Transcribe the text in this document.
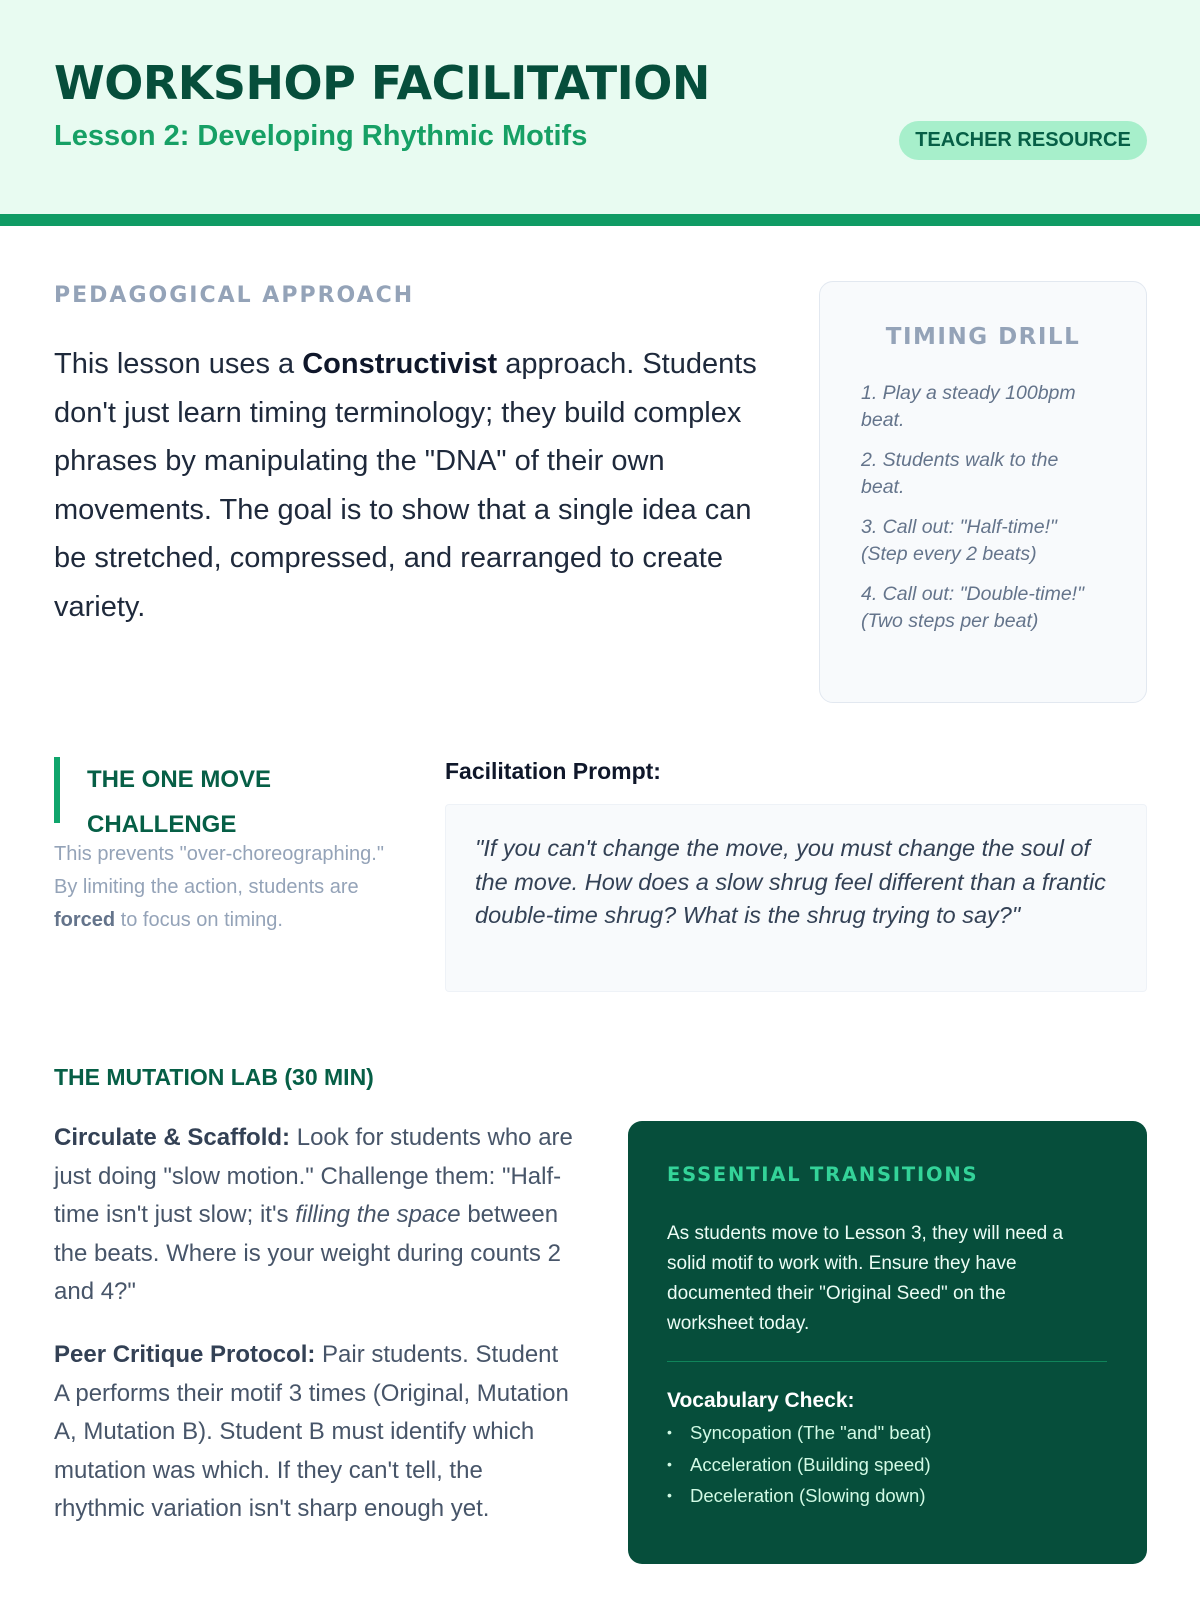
WORKSHOP FACILITATION
Lesson 2: Developing Rhythmic Motifs	TEACHER RESOURCE
PEDAGOGICAL APPROACH

This lesson uses a Constructivist approach. Students don't just learn timing terminology; they build complex phrases by manipulating the "DNA" of their own movements. The goal is to show that a single idea can be stretched, compressed, and rearranged to create variety.

TIMING DRILL
1. Play a steady 100bpm beat.
2. Students walk to the beat.
3. Call out: "Half-time!" (Step every 2 beats)
4. Call out: "Double-time!" (Two steps per beat)
THE ONE MOVE CHALLENGE

This prevents "over-choreographing." By limiting the action, students are forced to focus on timing.

Facilitation Prompt:

"If you can't change the move, you must change the soul of the move. How does a slow shrug feel different than a frantic double-time shrug? What is the shrug trying to say?"

THE MUTATION LAB (30 MIN)

Circulate & Scaffold: Look for students who are just doing "slow motion." Challenge them: "Half-time isn't just slow; it's filling the space between the beats. Where is your weight during counts 2 and 4?"

Peer Critique Protocol: Pair students. Student A performs their motif 3 times (Original, Mutation A, Mutation B). Student B must identify which mutation was which. If they can't tell, the rhythmic variation isn't sharp enough yet.

ESSENTIAL TRANSITIONS

As students move to Lesson 3, they will need a solid motif to work with. Ensure they have documented their "Original Seed" on the worksheet today.

Vocabulary Check:
• Syncopation (The "and" beat)
• Acceleration (Building speed)
• Deceleration (Slowing down)
